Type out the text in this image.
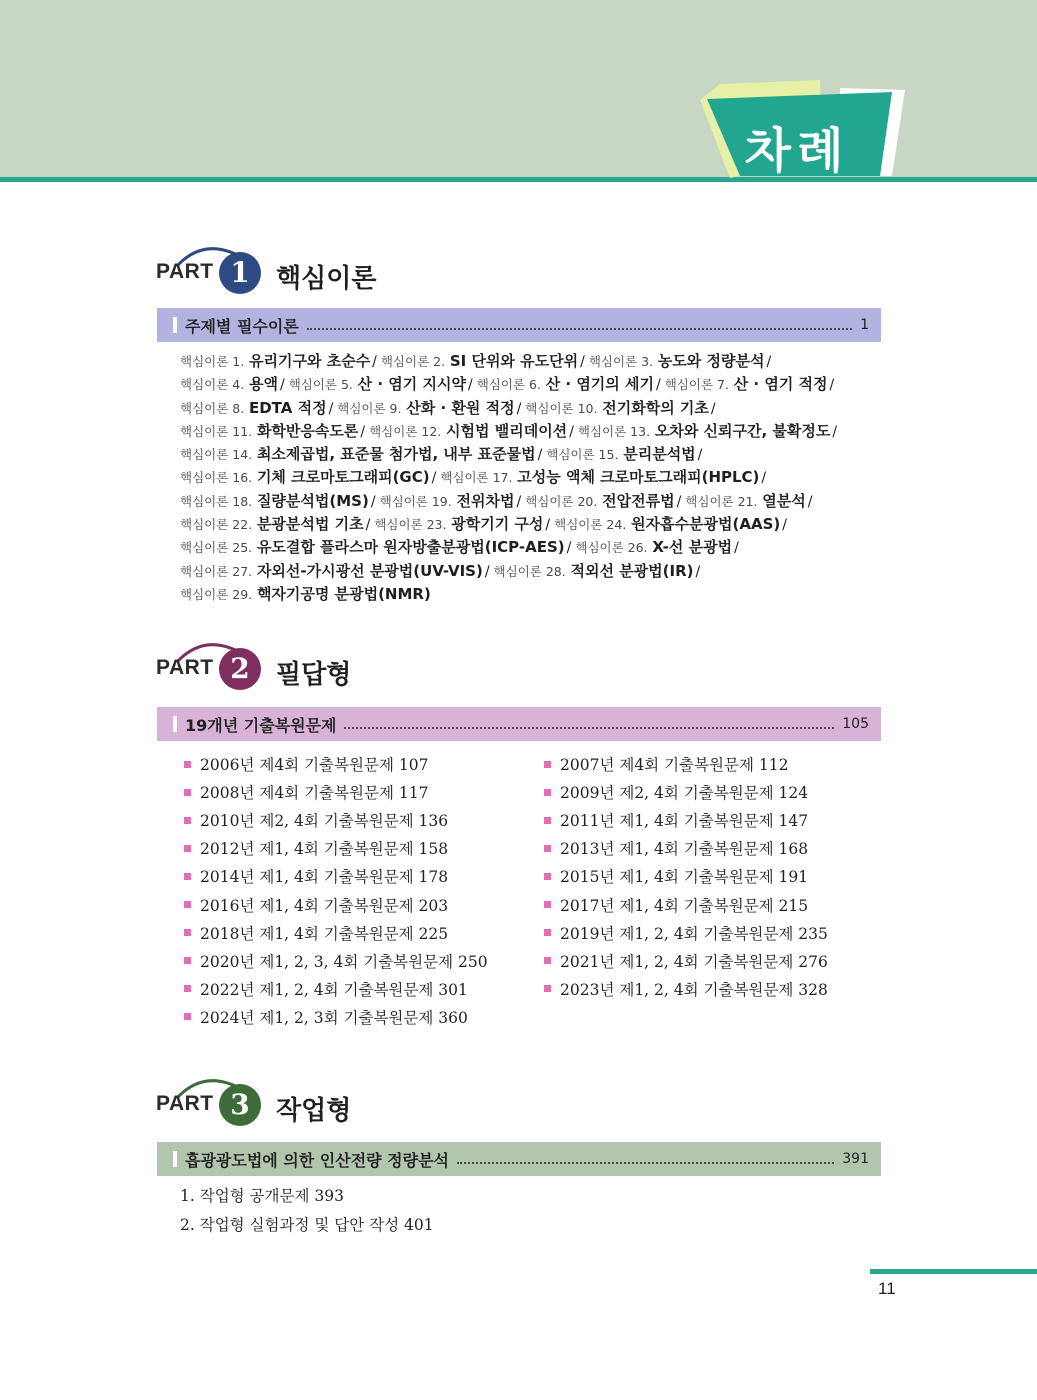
차례
PART 1	핵심이론
주제별 필수이론	1
핵심이론 1. 유리기구와 초순수 / 핵심이론 2. SI 단위와 유도단위 / 핵심이론 3. 농도와 정량분석 /
핵심이론 4. 용액 / 핵심이론 5. 산 · 염기 지시약 / 핵심이론 6. 산 · 염기의 세기 / 핵심이론 7. 산 · 염기 적정 /
핵심이론 8. EDTA 적정 / 핵심이론 9. 산화 · 환원 적정 / 핵심이론 10. 전기화학의 기초 /
핵심이론 11. 화학반응속도론 / 핵심이론 12. 시험법 밸리데이션 / 핵심이론 13. 오차와 신뢰구간, 불확정도 /
핵심이론 14. 최소제곱법, 표준물 첨가법, 내부 표준물법 / 핵심이론 15. 분리분석법 /
핵심이론 16. 기체 크로마토그래피(GC) / 핵심이론 17. 고성능 액체 크로마토그래피(HPLC) /
핵심이론 18. 질량분석법(MS) / 핵심이론 19. 전위차법 / 핵심이론 20. 전압전류법 / 핵심이론 21. 열분석 /
핵심이론 22. 분광분석법 기초 / 핵심이론 23. 광학기기 구성 / 핵심이론 24. 원자흡수분광법(AAS) /
핵심이론 25. 유도결합 플라스마 원자방출분광법(ICP-AES) / 핵심이론 26. X-선 분광법 /
핵심이론 27. 자외선-가시광선 분광법(UV-VIS) / 핵심이론 28. 적외선 분광법(IR) /
핵심이론 29. 핵자기공명 분광법(NMR)
PART 2	필답형
19개년 기출복원문제	105
2006년 제4회 기출복원문제 107
2008년 제4회 기출복원문제 117
2010년 제2, 4회 기출복원문제 136
2012년 제1, 4회 기출복원문제 158
2014년 제1, 4회 기출복원문제 178
2016년 제1, 4회 기출복원문제 203
2018년 제1, 4회 기출복원문제 225
2020년 제1, 2, 3, 4회 기출복원문제 250
2022년 제1, 2, 4회 기출복원문제 301
2024년 제1, 2, 3회 기출복원문제 360
2007년 제4회 기출복원문제 112
2009년 제2, 4회 기출복원문제 124
2011년 제1, 4회 기출복원문제 147
2013년 제1, 4회 기출복원문제 168
2015년 제1, 4회 기출복원문제 191
2017년 제1, 4회 기출복원문제 215
2019년 제1, 2, 4회 기출복원문제 235
2021년 제1, 2, 4회 기출복원문제 276
2023년 제1, 2, 4회 기출복원문제 328
PART 3	작업형
흡광광도법에 의한 인산전량 정량분석	391
1. 작업형 공개문제 393
2. 작업형 실험과정 및 답안 작성 401
11
